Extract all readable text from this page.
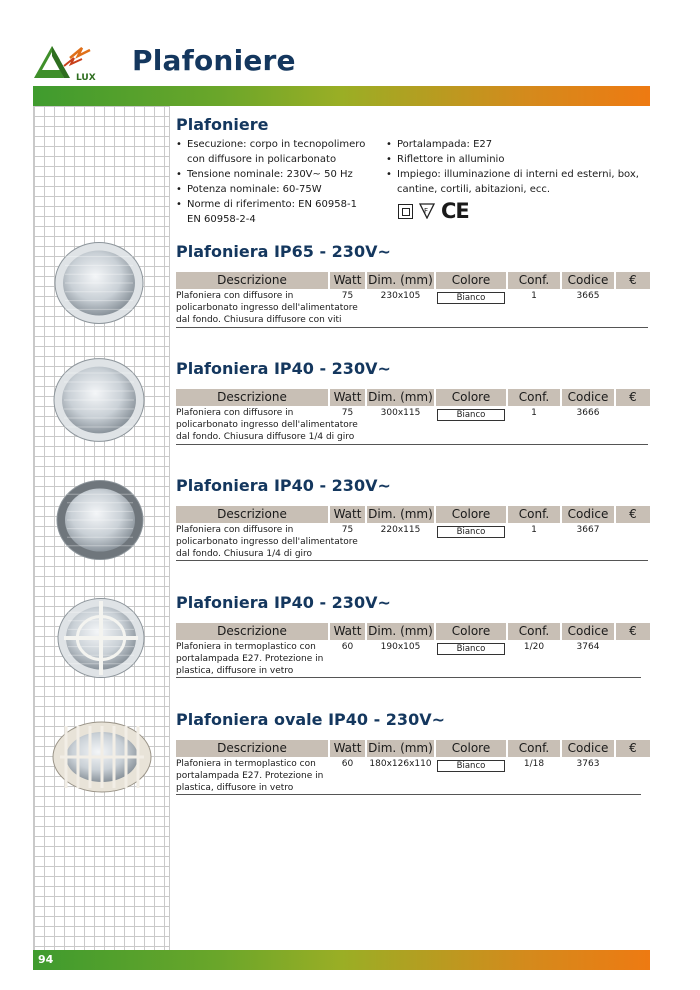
LUX
Plafoniere
Plafoniere
• Esecuzione: corpo in tecnopolimero con diffusore in policarbonato
• Tensione nominale: 230V~ 50 Hz
• Potenza nominale: 60-75W
• Norme di riferimento: EN 60958-1 EN 60958-2-4
• Portalampada: E27
• Riflettore in alluminio
• Impiego: illuminazione di interni ed esterni, box, cantine, cortili, abitazioni, ecc.
F CE
Plafoniera IP65 - 230V~
Descrizione	Watt Dim. (mm)	Colore	Conf.	Codice	€
Plafoniera con diffusore in policarbonato ingresso dell'alimentatore dal fondo. Chiusura diffusore con viti
75	230x105	Bianco	1	3665
Plafoniera IP40 - 230V~
Descrizione	Watt Dim. (mm)	Colore	Conf.	Codice	€
Plafoniera con diffusore in policarbonato ingresso dell'alimentatore dal fondo. Chiusura diffusore 1/4 di giro
75	300x115	Bianco	1	3666
Plafoniera IP40 - 230V~
Descrizione	Watt Dim. (mm)	Colore	Conf.	Codice	€
Plafoniera con diffusore in policarbonato ingresso dell'alimentatore dal fondo. Chiusura 1/4 di giro
75	220x115	Bianco	1	3667
Plafoniera IP40 - 230V~
Descrizione	Watt Dim. (mm)	Colore	Conf.	Codice	€
Plafoniera in termoplastico con portalampada E27. Protezione in plastica, diffusore in vetro
60	190x105	Bianco	1/20	3764
Plafoniera ovale IP40 - 230V~
Descrizione	Watt Dim. (mm)	Colore	Conf.	Codice	€
Plafoniera in termoplastico con portalampada E27. Protezione in plastica, diffusore in vetro
60	180x126x110	Bianco	1/18	3763
94
